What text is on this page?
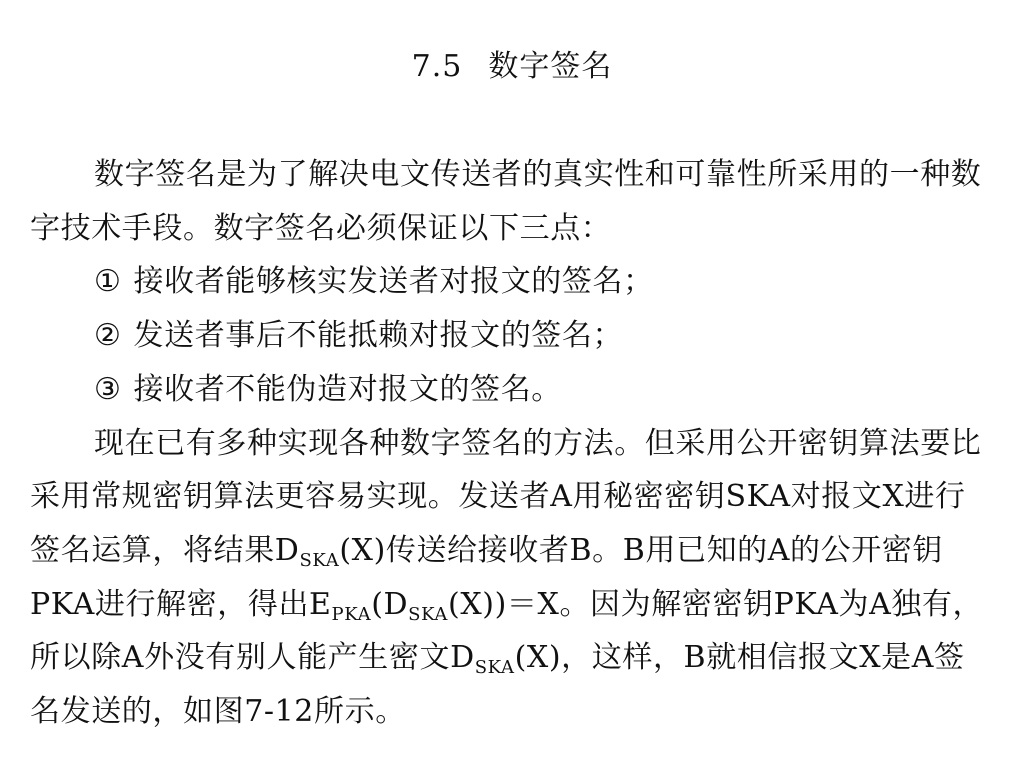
7.5 数字签名

数字签名是为了解决电文传送者的真实性和可靠性所采用的一种数字技术手段。数字签名必须保证以下三点：

① 接收者能够核实发送者对报文的签名；

② 发送者事后不能抵赖对报文的签名；

③ 接收者不能伪造对报文的签名。

现在已有多种实现各种数字签名的方法。但采用公开密钥算法要比采用常规密钥算法更容易实现。发送者A用秘密密钥SKA对报文X进行签名运算，将结果$D_{SKA}(X)$传送给接收者B。B用已知的A的公开密钥PKA进行解密，得出$E_{PKA}(D_{SKA}(X))=X$。因为解密密钥PKA为A独有，所以除A外没有别人能产生密文$D_{SKA}(X)$，这样，B就相信报文X是A签名发送的，如图7-12所示。
